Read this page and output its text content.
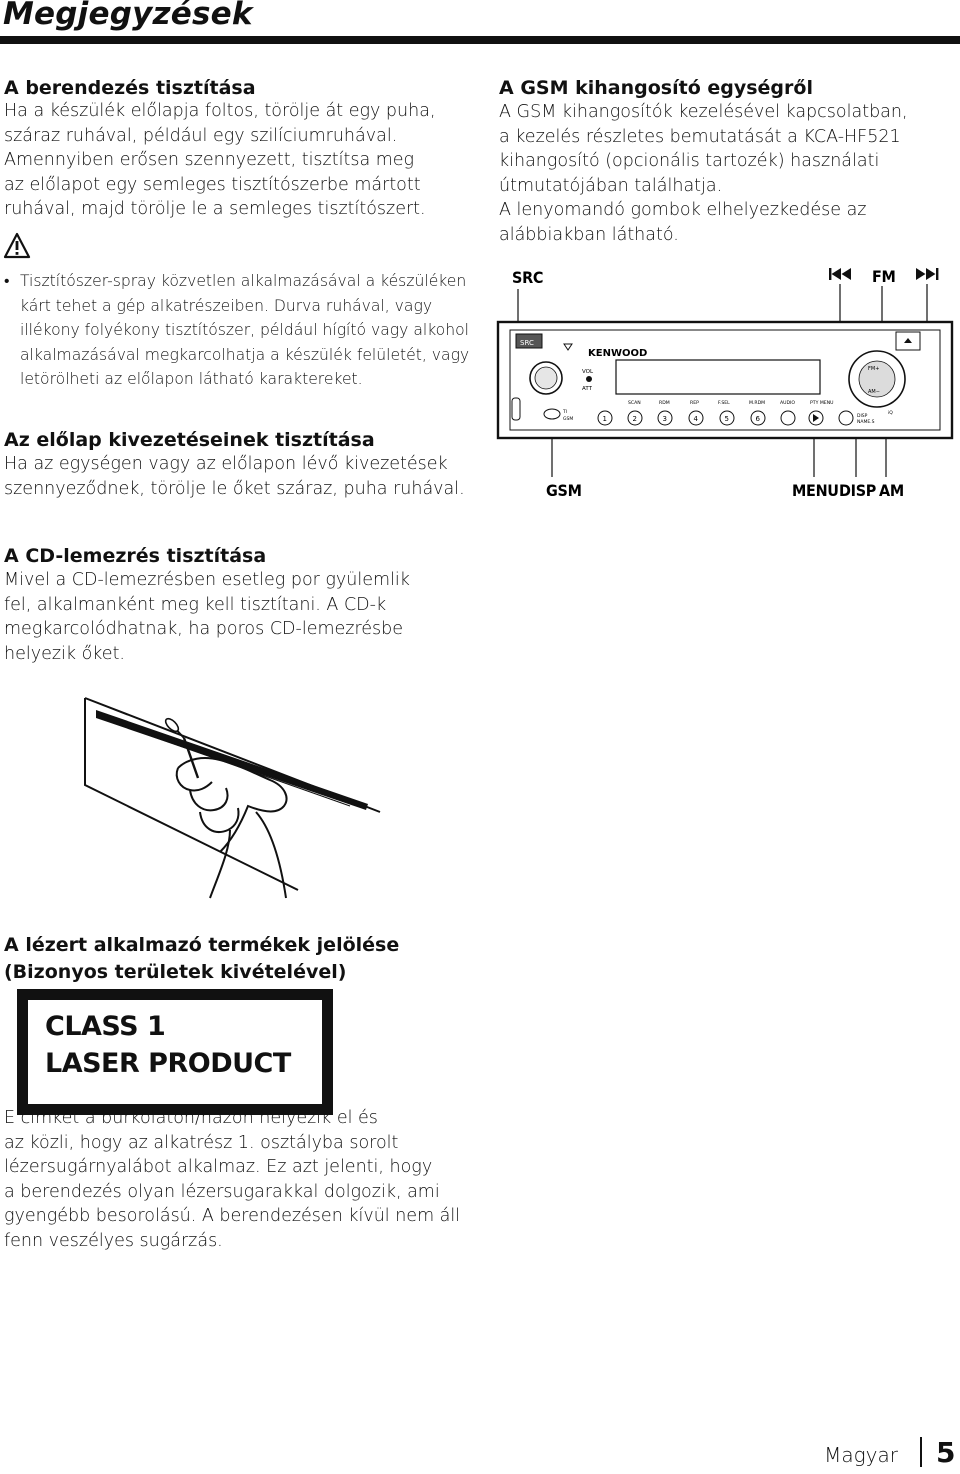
Megjegyzések
A berendezés tisztítása
Ha a készülék előlapja foltos, törölje át egy puha,
száraz ruhával, például egy szilíciumruhával.
Amennyiben erősen szennyezett, tisztítsa meg
az előlapot egy semleges tisztítószerbe mártott
ruhával, majd törölje le a semleges tisztítószert.
• Tisztítószer-spray közvetlen alkalmazásával a készüléken
kárt tehet a gép alkatrészeiben. Durva ruhával, vagy
illékony folyékony tisztítószer, például hígító vagy alkohol
alkalmazásával megkarcolhatja a készülék felületét, vagy
letörölheti az előlapon látható karaktereket.
Az előlap kivezetéseinek tisztítása
Ha az egységen vagy az előlapon lévő kivezetések
szennyeződnek, törölje le őket száraz, puha ruhával.
A CD-lemezrés tisztítása
Mivel a CD-lemezrésben esetleg por gyülemlik
fel, alkalmanként meg kell tisztítani. A CD-k
megkarcolódhatnak, ha poros CD-lemezrésbe
helyezik őket.
A lézert alkalmazó termékek jelölése
(Bizonyos területek kivételével)
CLASS 1
LASER PRODUCT
E címkét a burkolaton/házon helyezik el és
az közli, hogy az alkatrész 1. osztályba sorolt
lézersugárnyalábot alkalmaz. Ez azt jelenti, hogy
a berendezés olyan lézersugarakkal dolgozik, ami
gyengébb besorolású. A berendezésen kívül nem áll
fenn veszélyes sugárzás.
A GSM kihangosító egységről
A GSM kihangosítók kezelésével kapcsolatban,
a kezelés részletes bemutatását a KCA-HF521
kihangosító (opcionális tartozék) használati
útmutatójában találhatja.
A lenyomandó gombok elhelyezkedése az
alábbiakban látható.
SRC	FM
GSM	MENU DISP AM
SRC
KENWOOD
VOL
ATT
FM+
AM−
SCAN	RDM	REP	F.SEL	M.RDM	AUDIO	PTY MENU
TI
GSM	1	2	3	4	5	6	DISP
NAME.S
iQ
Magyar 5
